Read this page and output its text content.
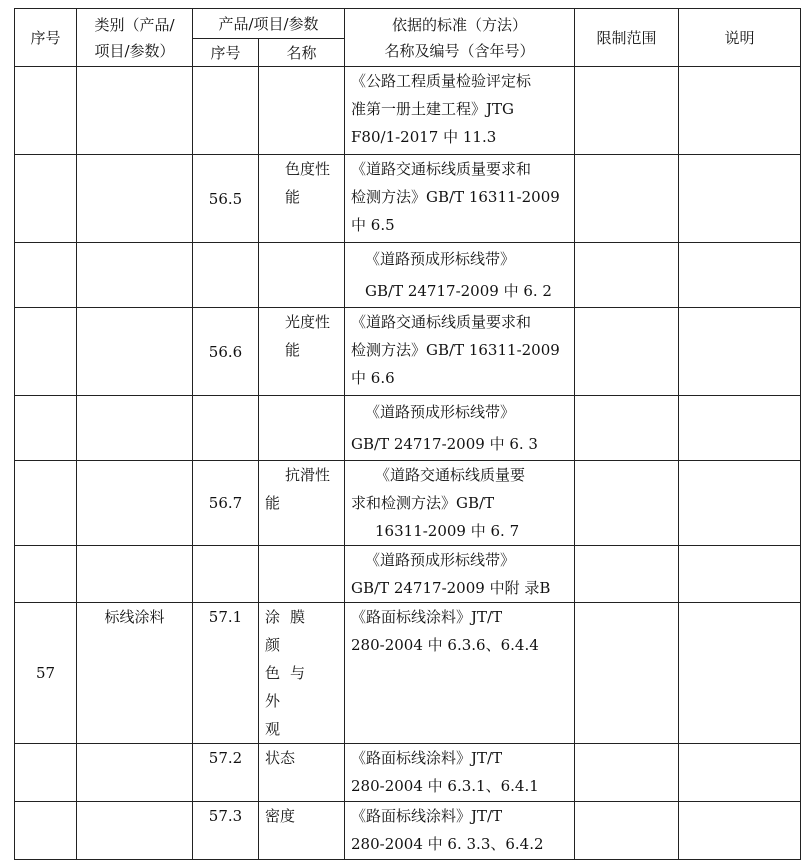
序号	类别（产品/
项目/参数）	产品/项目/参数		依据的标准（方法）
名称及编号（含年号）	限制范围	说明
		序号	名称			

				《公路工程质量检验评定标
准第一册土建工程》JTG
F80/1-2017 中 11.3		

		56.5	色度性
能	《道路交通标线质量要求和
检测方法》GB/T 16311-2009
中 6.5		

				《道路预成形标线带》
GB/T 24717-2009 中 6. 2		

		56.6	光度性
能	《道路交通标线质量要求和
检测方法》GB/T 16311-2009
中 6.6		

				《道路预成形标线带》
GB/T 24717-2009 中 6. 3		

		56.7	抗滑性
能	《道路交通标线质量要
求和检测方法》GB/T
16311-2009 中 6. 7		

				《道路预成形标线带》
GB/T 24717-2009 中附 录B		

57	标线涂料	57.1	涂膜颜
色与外
观	《路面标线涂料》JT/T
280-2004 中 6.3.6、6.4.4		

		57.2	状态	《路面标线涂料》JT/T
280-2004 中 6.3.1、6.4.1		

		57.3	密度	《路面标线涂料》JT/T
280-2004 中 6. 3.3、6.4.2		
